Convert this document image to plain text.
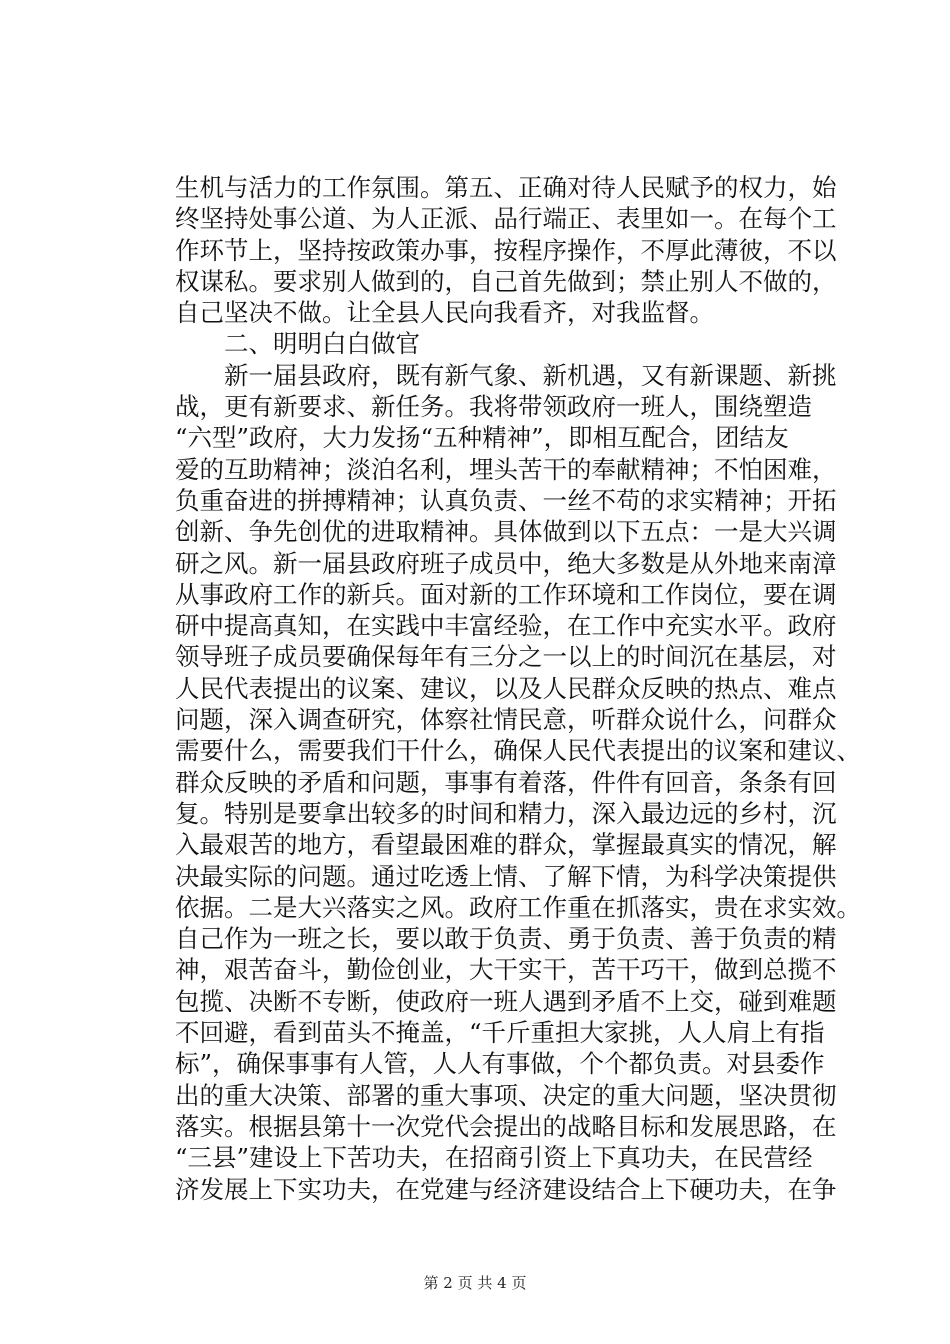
生机与活力的工作氛围。第五、正确对待人民赋予的权力，始
终坚持处事公道、为人正派、品行端正、表里如一。在每个工
作环节上，坚持按政策办事，按程序操作，不厚此薄彼，不以
权谋私。要求别人做到的，自己首先做到；禁止别人不做的，
自己坚决不做。让全县人民向我看齐，对我监督。
　　二、明明白白做官
　　新一届县政府，既有新气象、新机遇，又有新课题、新挑
战，更有新要求、新任务。我将带领政府一班人，围绕塑造
“六型”政府，大力发扬“五种精神”，即相互配合，团结友
爱的互助精神；淡泊名利，埋头苦干的奉献精神；不怕困难，
负重奋进的拼搏精神；认真负责、一丝不苟的求实精神；开拓
创新、争先创优的进取精神。具体做到以下五点：一是大兴调
研之风。新一届县政府班子成员中，绝大多数是从外地来南漳
从事政府工作的新兵。面对新的工作环境和工作岗位，要在调
研中提高真知，在实践中丰富经验，在工作中充实水平。政府
领导班子成员要确保每年有三分之一以上的时间沉在基层，对
人民代表提出的议案、建议，以及人民群众反映的热点、难点
问题，深入调查研究，体察社情民意，听群众说什么，问群众
需要什么，需要我们干什么，确保人民代表提出的议案和建议、
群众反映的矛盾和问题，事事有着落，件件有回音，条条有回
复。特别是要拿出较多的时间和精力，深入最边远的乡村，沉
入最艰苦的地方，看望最困难的群众，掌握最真实的情况，解
决最实际的问题。通过吃透上情、了解下情，为科学决策提供
依据。二是大兴落实之风。政府工作重在抓落实，贵在求实效。
自己作为一班之长，要以敢于负责、勇于负责、善于负责的精
神，艰苦奋斗，勤俭创业，大干实干，苦干巧干，做到总揽不
包揽、决断不专断，使政府一班人遇到矛盾不上交，碰到难题
不回避，看到苗头不掩盖，“千斤重担大家挑，人人肩上有指
标”，确保事事有人管，人人有事做，个个都负责。对县委作
出的重大决策、部署的重大事项、决定的重大问题，坚决贯彻
落实。根据县第十一次党代会提出的战略目标和发展思路，在
“三县”建设上下苦功夫，在招商引资上下真功夫，在民营经
济发展上下实功夫，在党建与经济建设结合上下硬功夫，在争
第 2 页 共 4 页
